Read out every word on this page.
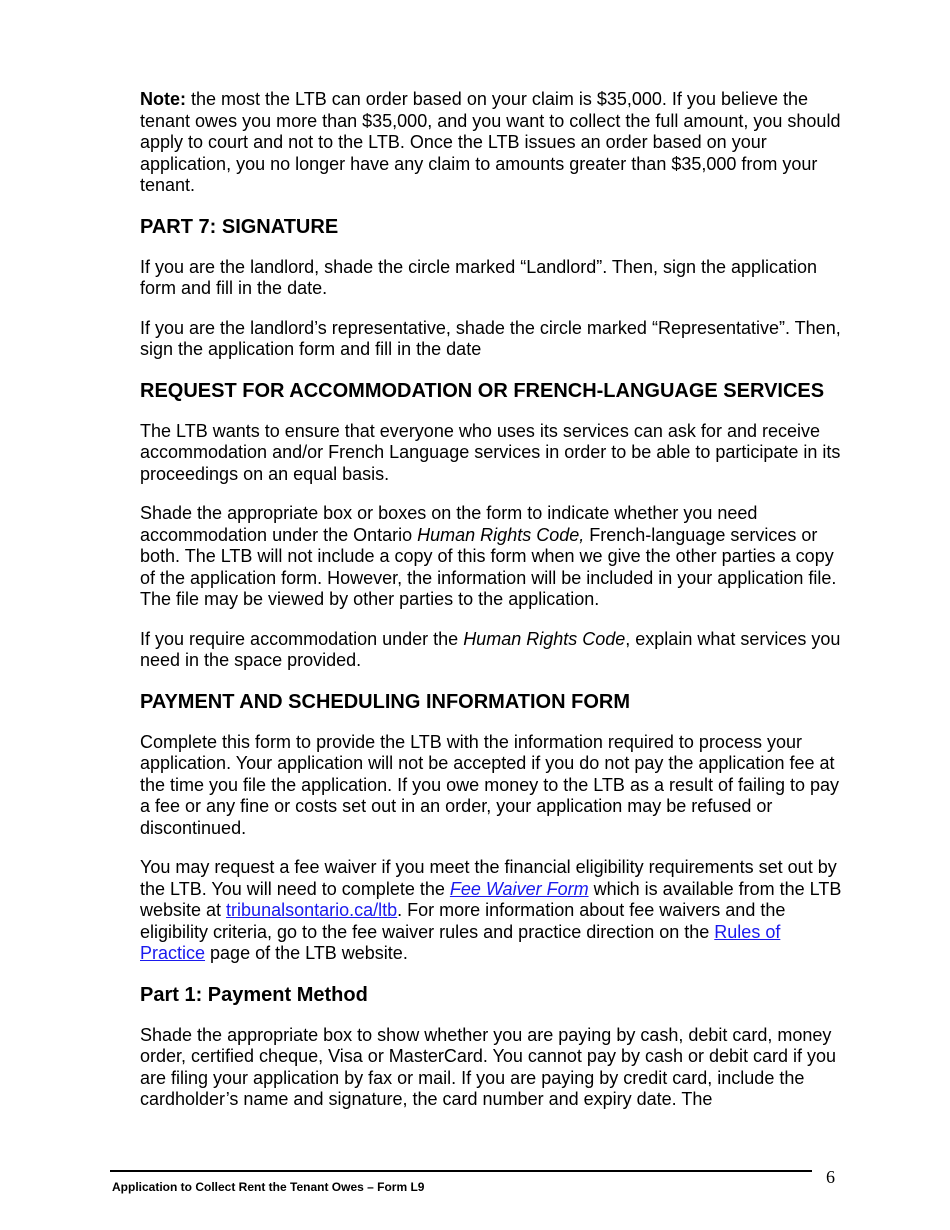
Note: the most the LTB can order based on your claim is $35,000. If you believe the tenant owes you more than $35,000, and you want to collect the full amount, you should apply to court and not to the LTB. Once the LTB issues an order based on your application, you no longer have any claim to amounts greater than $35,000 from your tenant.

PART 7: SIGNATURE

If you are the landlord, shade the circle marked “Landlord”. Then, sign the application form and fill in the date.

If you are the landlord’s representative, shade the circle marked “Representative”. Then, sign the application form and fill in the date

REQUEST FOR ACCOMMODATION OR FRENCH-LANGUAGE SERVICES

The LTB wants to ensure that everyone who uses its services can ask for and receive accommodation and/or French Language services in order to be able to participate in its proceedings on an equal basis.

Shade the appropriate box or boxes on the form to indicate whether you need accommodation under the Ontario Human Rights Code, French-language services or both. The LTB will not include a copy of this form when we give the other parties a copy of the application form. However, the information will be included in your application file. The file may be viewed by other parties to the application.

If you require accommodation under the Human Rights Code, explain what services you need in the space provided.

PAYMENT AND SCHEDULING INFORMATION FORM

Complete this form to provide the LTB with the information required to process your application. Your application will not be accepted if you do not pay the application fee at the time you file the application. If you owe money to the LTB as a result of failing to pay a fee or any fine or costs set out in an order, your application may be refused or discontinued.

You may request a fee waiver if you meet the financial eligibility requirements set out by the LTB. You will need to complete the Fee Waiver Form which is available from the LTB website at tribunalsontario.ca/ltb. For more information about fee waivers and the eligibility criteria, go to the fee waiver rules and practice direction on the Rules of Practice page of the LTB website.

Part 1: Payment Method

Shade the appropriate box to show whether you are paying by cash, debit card, money order, certified cheque, Visa or MasterCard. You cannot pay by cash or debit card if you are filing your application by fax or mail. If you are paying by credit card, include the cardholder’s name and signature, the card number and expiry date. The

Application to Collect Rent the Tenant Owes – Form L9	6
